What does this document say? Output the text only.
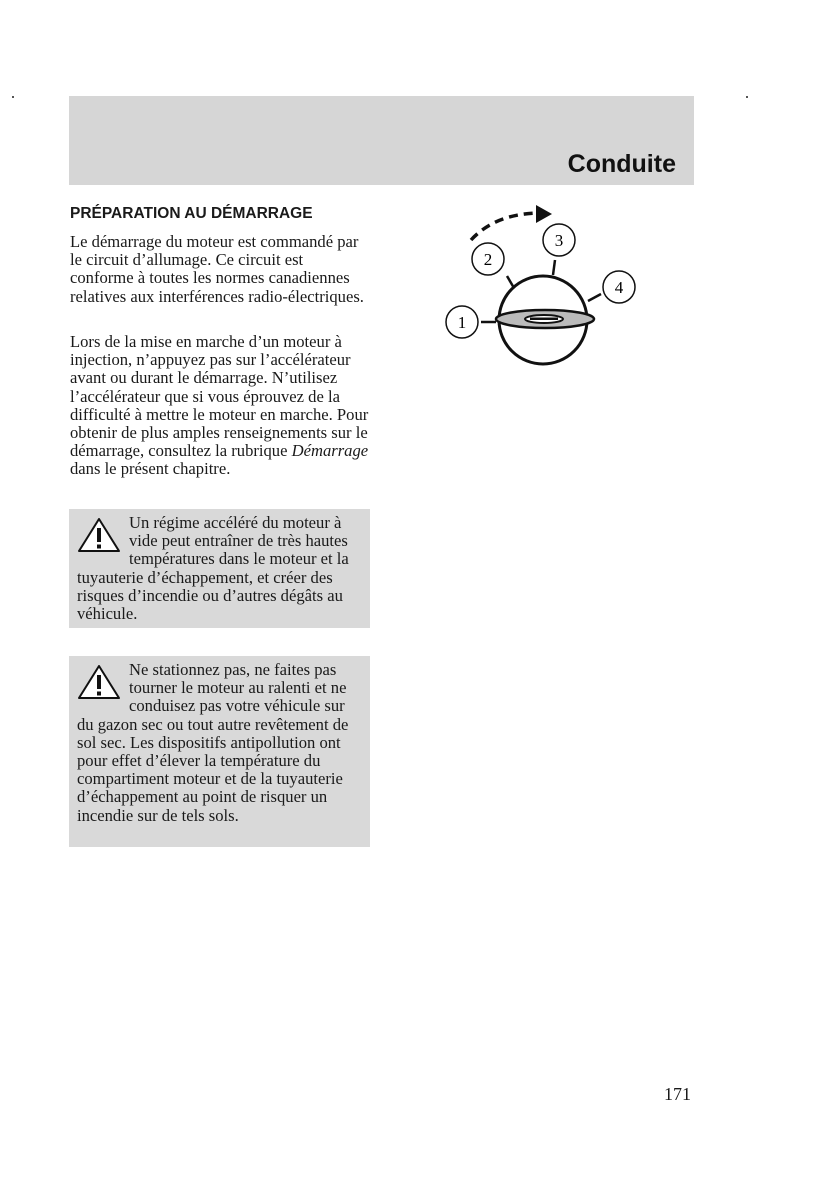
Conduite
PRÉPARATION AU DÉMARRAGE

Le démarrage du moteur est commandé par le circuit d’allumage. Ce circuit est conforme à toutes les normes canadiennes relatives aux interférences radio-électriques.

Lors de la mise en marche d’un moteur à injection, n’appuyez pas sur l’accélérateur avant ou durant le démarrage. N’utilisez l’accélérateur que si vous éprouvez de la difficulté à mettre le moteur en marche. Pour obtenir de plus amples renseignements sur le démarrage, consultez la rubrique Démarrage dans le présent chapitre.

Un régime accéléré du moteur à vide peut entraîner de très hautes températures dans le moteur et la tuyauterie d’échappement, et créer des risques d’incendie ou d’autres dégâts au véhicule.
Ne stationnez pas, ne faites pas tourner le moteur au ralenti et ne conduisez pas votre véhicule sur du gazon sec ou tout autre revêtement de sol sec. Les dispositifs antipollution ont pour effet d’élever la température du compartiment moteur et de la tuyauterie d’échappement au point de risquer un incendie sur de tels sols.
1
2
3
4
171
